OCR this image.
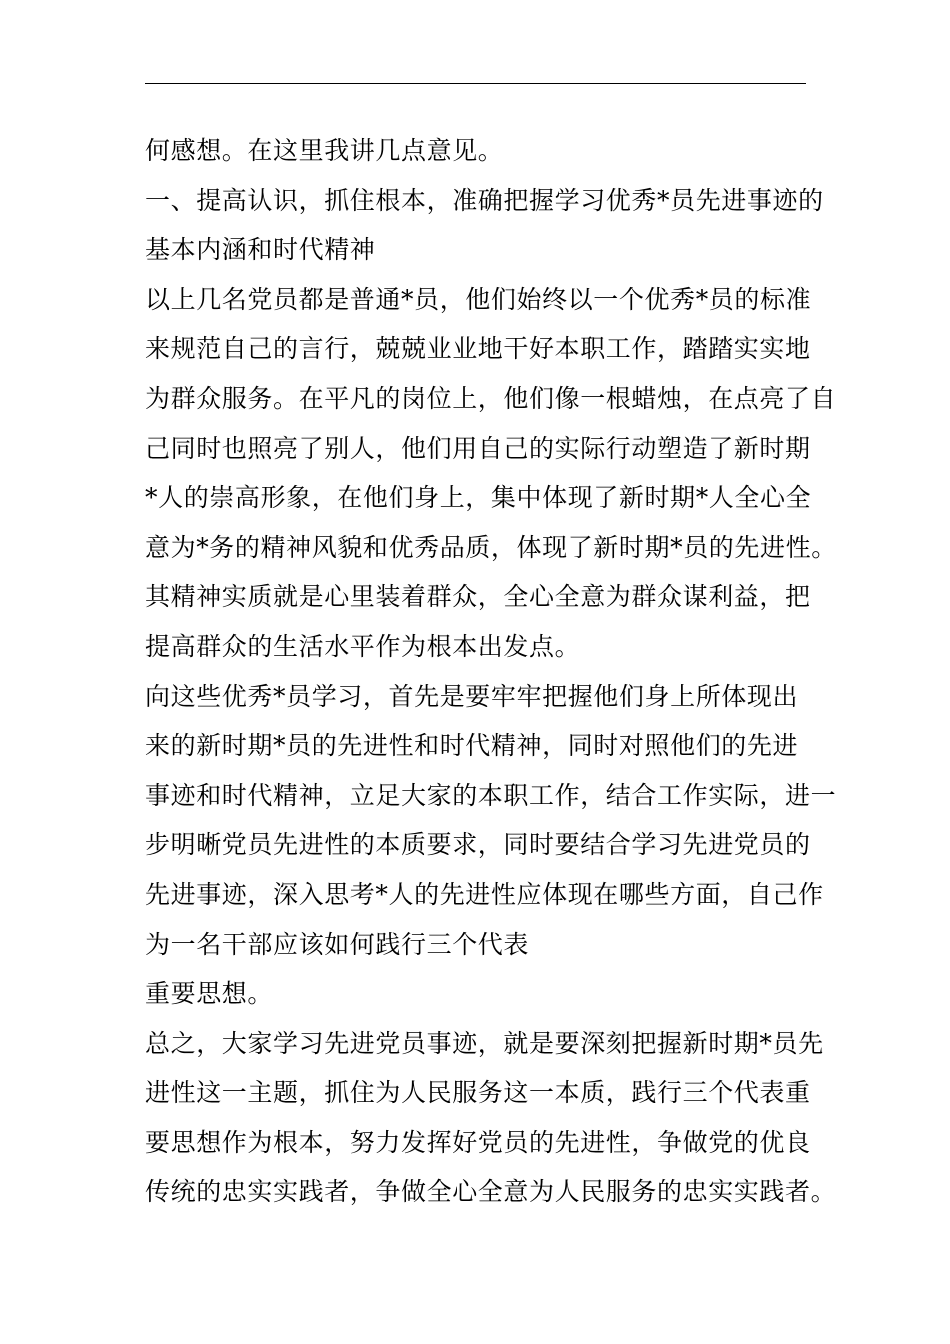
何感想。在这里我讲几点意见。
一、提高认识，抓住根本，准确把握学习优秀*员先进事迹的
基本内涵和时代精神
以上几名党员都是普通*员，他们始终以一个优秀*员的标准
来规范自己的言行，兢兢业业地干好本职工作，踏踏实实地
为群众服务。在平凡的岗位上，他们像一根蜡烛，在点亮了自
己同时也照亮了别人，他们用自己的实际行动塑造了新时期
*人的崇高形象，在他们身上，集中体现了新时期*人全心全
意为*务的精神风貌和优秀品质，体现了新时期*员的先进性。
其精神实质就是心里装着群众，全心全意为群众谋利益，把
提高群众的生活水平作为根本出发点。
向这些优秀*员学习，首先是要牢牢把握他们身上所体现出
来的新时期*员的先进性和时代精神，同时对照他们的先进
事迹和时代精神，立足大家的本职工作，结合工作实际，进一
步明晰党员先进性的本质要求，同时要结合学习先进党员的
先进事迹，深入思考*人的先进性应体现在哪些方面，自己作
为一名干部应该如何践行三个代表
重要思想。
总之，大家学习先进党员事迹，就是要深刻把握新时期*员先
进性这一主题，抓住为人民服务这一本质，践行三个代表重
要思想作为根本，努力发挥好党员的先进性，争做党的优良
传统的忠实实践者，争做全心全意为人民服务的忠实实践者。
